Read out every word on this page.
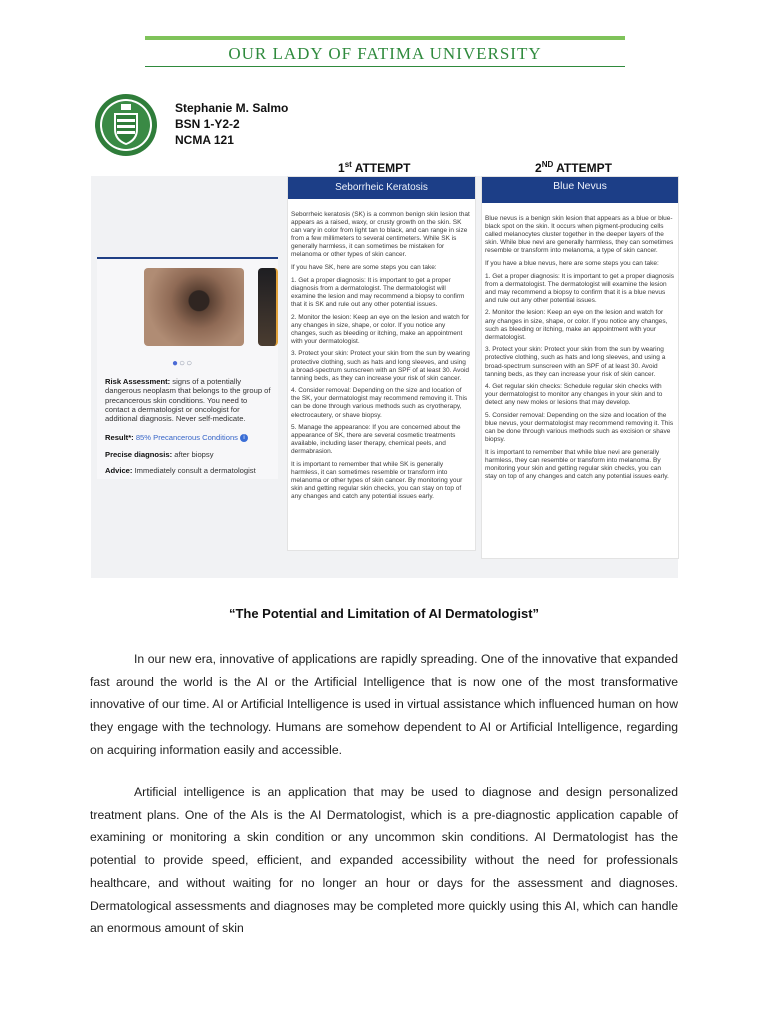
OUR LADY OF FATIMA UNIVERSITY
Stephanie M. Salmo
BSN 1-Y2-2
NCMA 121
1st ATTEMPT	2ND ATTEMPT
●○○
Risk Assessment: signs of a potentially dangerous neoplasm that belongs to the group of precancerous skin conditions. You need to contact a dermatologist or oncologist for additional diagnosis. Never self-medicate.
Result*: 85% Precancerous Conditions i
Precise diagnosis: after biopsy
Advice: Immediately consult a dermatologist
Seborrheic Keratosis

Seborrheic keratosis (SK) is a common benign skin lesion that appears as a raised, waxy, or crusty growth on the skin. SK can vary in color from light tan to black, and can range in size from a few millimeters to several centimeters. While SK is generally harmless, it can sometimes be mistaken for melanoma or other types of skin cancer.

If you have SK, here are some steps you can take:

1. Get a proper diagnosis: It is important to get a proper diagnosis from a dermatologist. The dermatologist will examine the lesion and may recommend a biopsy to confirm that it is SK and rule out any other potential issues.

2. Monitor the lesion: Keep an eye on the lesion and watch for any changes in size, shape, or color. If you notice any changes, such as bleeding or itching, make an appointment with your dermatologist.

3. Protect your skin: Protect your skin from the sun by wearing protective clothing, such as hats and long sleeves, and using a broad-spectrum sunscreen with an SPF of at least 30. Avoid tanning beds, as they can increase your risk of skin cancer.

4. Consider removal: Depending on the size and location of the SK, your dermatologist may recommend removing it. This can be done through various methods such as cryotherapy, electrocautery, or shave biopsy.

5. Manage the appearance: If you are concerned about the appearance of SK, there are several cosmetic treatments available, including laser therapy, chemical peels, and dermabrasion.

It is important to remember that while SK is generally harmless, it can sometimes resemble or transform into melanoma or other types of skin cancer. By monitoring your skin and getting regular skin checks, you can stay on top of any changes and catch any potential issues early.

Blue Nevus

Blue nevus is a benign skin lesion that appears as a blue or blue-black spot on the skin. It occurs when pigment-producing cells called melanocytes cluster together in the deeper layers of the skin. While blue nevi are generally harmless, they can sometimes resemble or transform into melanoma, a type of skin cancer.

If you have a blue nevus, here are some steps you can take:

1. Get a proper diagnosis: It is important to get a proper diagnosis from a dermatologist. The dermatologist will examine the lesion and may recommend a biopsy to confirm that it is a blue nevus and rule out any other potential issues.

2. Monitor the lesion: Keep an eye on the lesion and watch for any changes in size, shape, or color. If you notice any changes, such as bleeding or itching, make an appointment with your dermatologist.

3. Protect your skin: Protect your skin from the sun by wearing protective clothing, such as hats and long sleeves, and using a broad-spectrum sunscreen with an SPF of at least 30. Avoid tanning beds, as they can increase your risk of skin cancer.

4. Get regular skin checks: Schedule regular skin checks with your dermatologist to monitor any changes in your skin and to detect any new moles or lesions that may develop.

5. Consider removal: Depending on the size and location of the blue nevus, your dermatologist may recommend removing it. This can be done through various methods such as excision or shave biopsy.

It is important to remember that while blue nevi are generally harmless, they can resemble or transform into melanoma. By monitoring your skin and getting regular skin checks, you can stay on top of any changes and catch any potential issues early.

“The Potential and Limitation of AI Dermatologist”

In our new era, innovative of applications are rapidly spreading. One of the innovative that expanded fast around the world is the AI or the Artificial Intelligence that is now one of the most transformative innovative of our time. AI or Artificial Intelligence is used in virtual assistance which influenced human on how they engage with the technology. Humans are somehow dependent to AI or Artificial Intelligence, regarding on acquiring information easily and accessible.

Artificial intelligence is an application that may be used to diagnose and design personalized treatment plans. One of the AIs is the AI Dermatologist, which is a pre-diagnostic application capable of examining or monitoring a skin condition or any uncommon skin conditions. AI Dermatologist has the potential to provide speed, efficient, and expanded accessibility without the need for professionals healthcare, and without waiting for no longer an hour or days for the assessment and diagnoses. Dermatological assessments and diagnoses may be completed more quickly using this AI, which can handle an enormous amount of skin
